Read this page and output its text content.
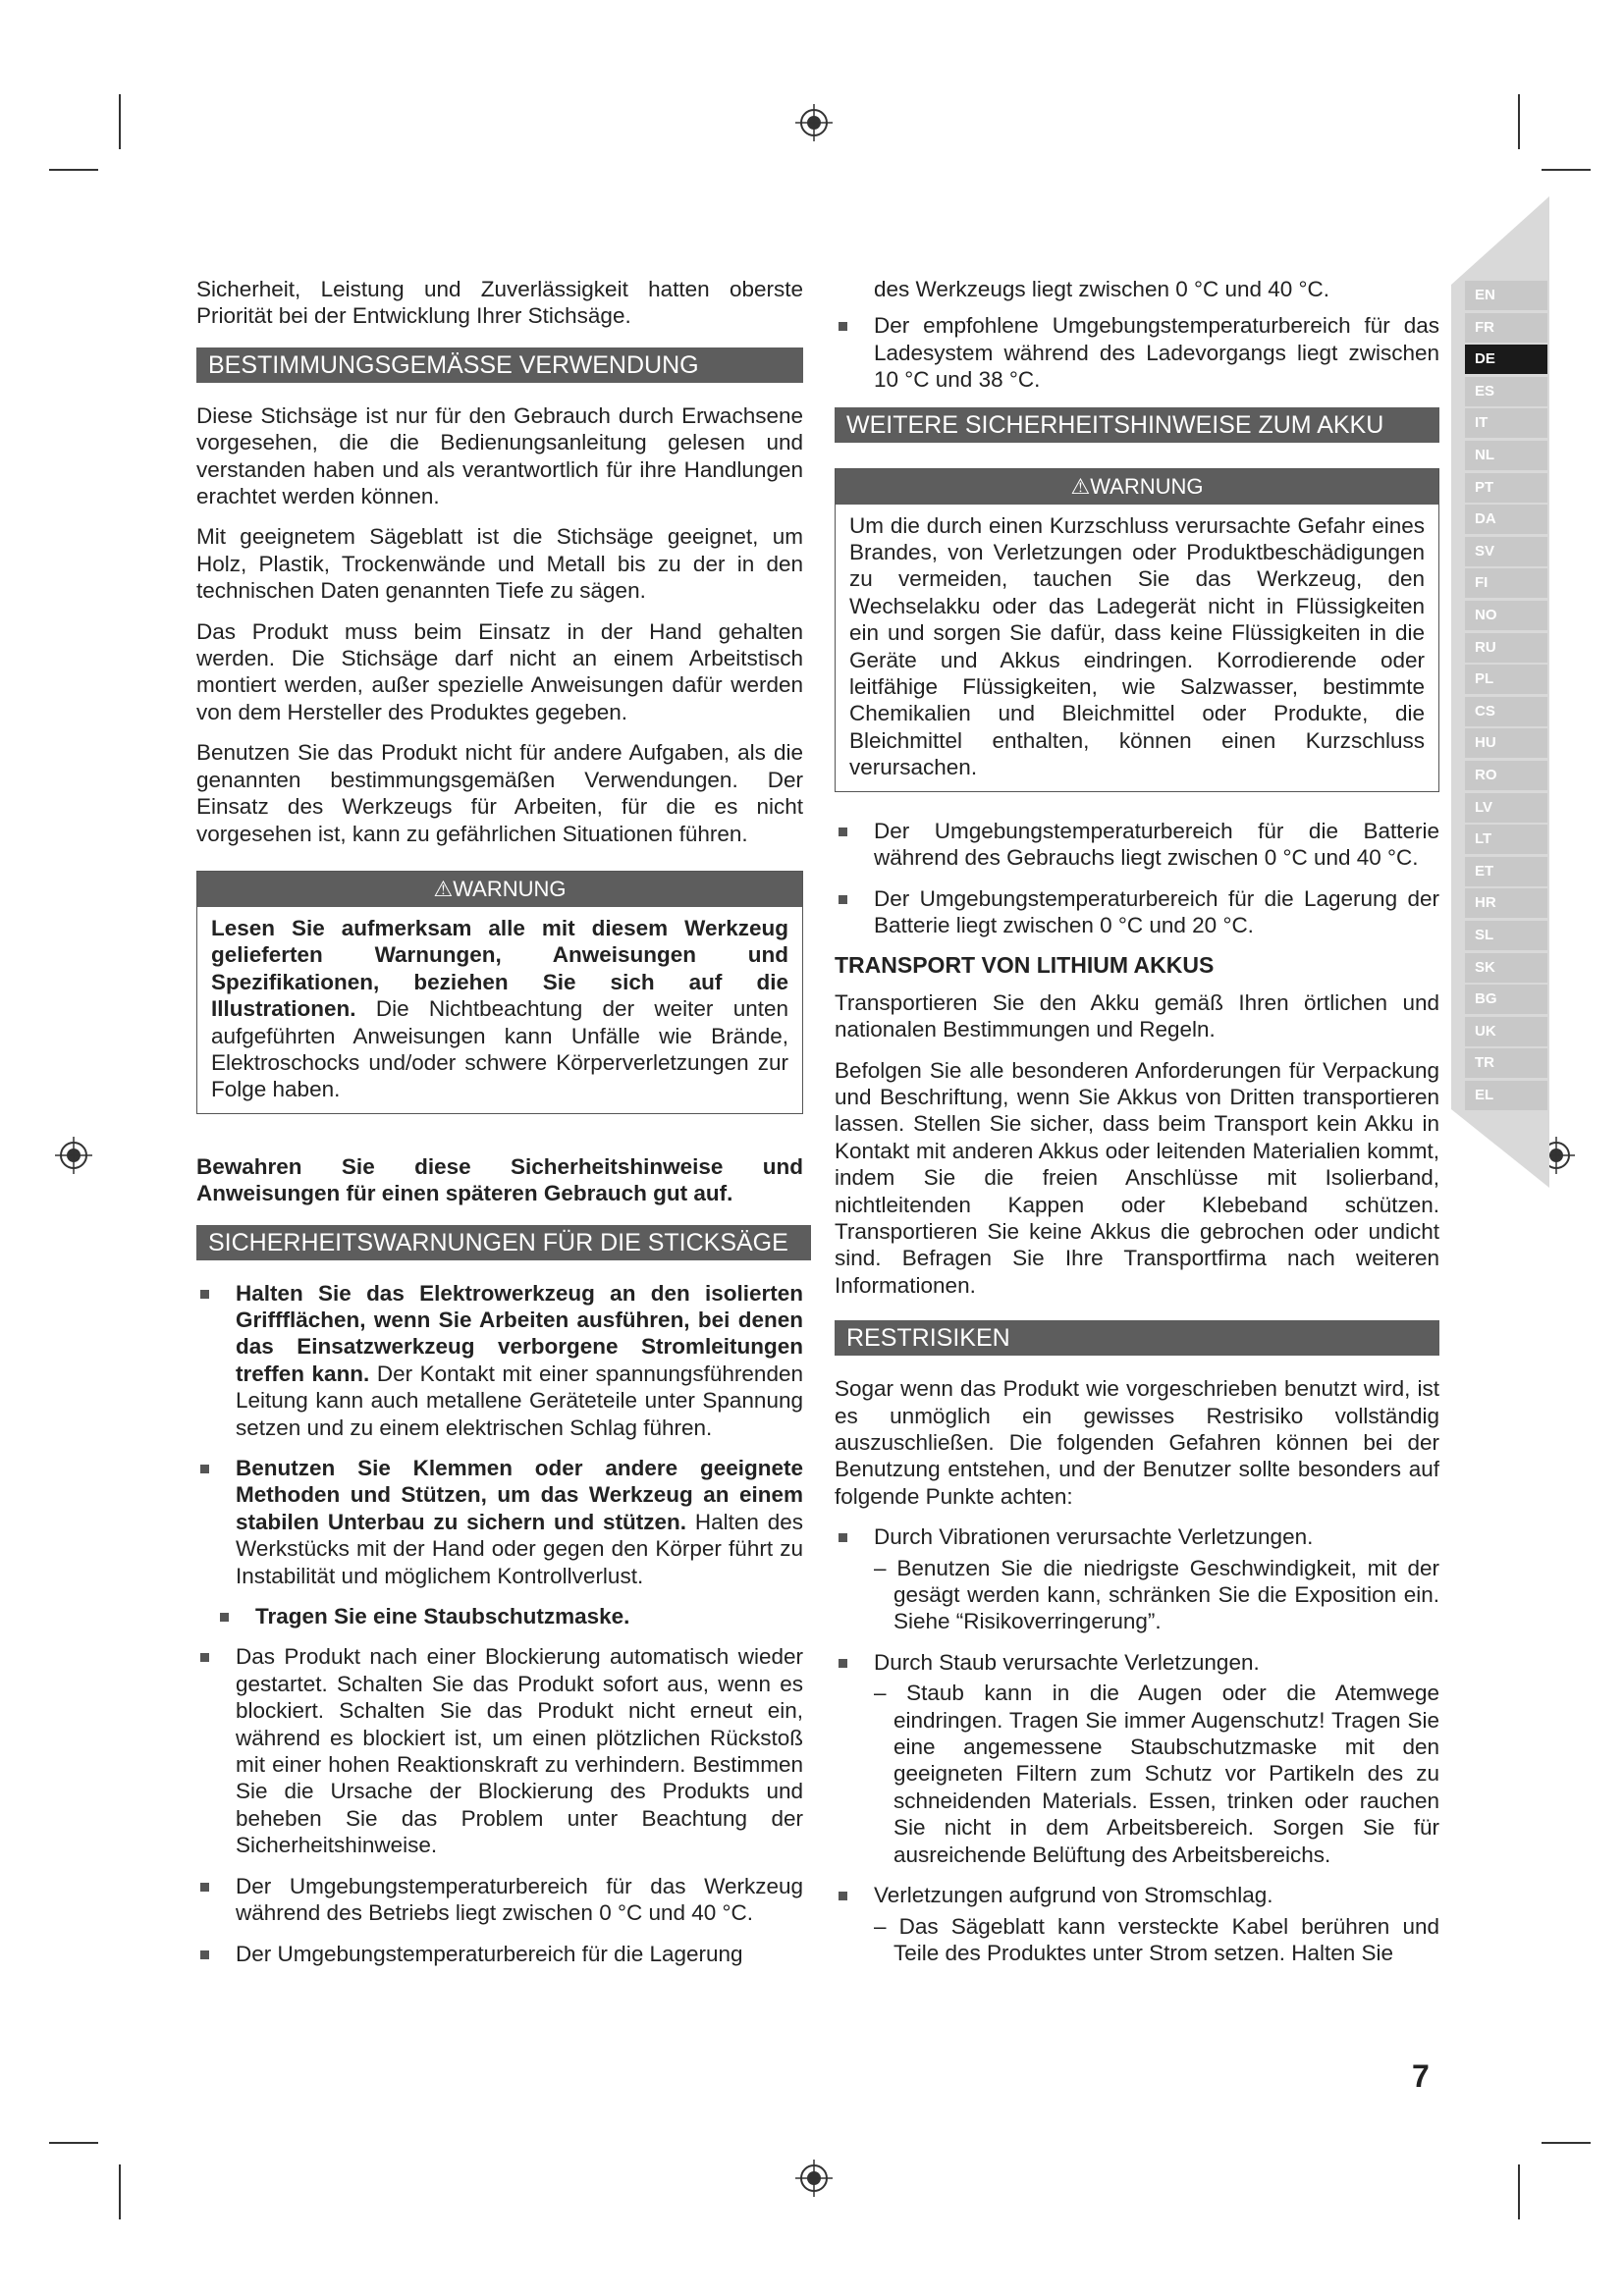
EN
FR
DE
ES
IT
NL
PT
DA
SV
FI
NO
RU
PL
CS
HU
RO
LV
LT
ET
HR
SL
SK
BG
UK
TR
EL

Sicherheit, Leistung und Zuverlässigkeit hatten oberste Priorität bei der Entwicklung Ihrer Stichsäge.

BESTIMMUNGSGEMÄSSE VERWENDUNG

Diese Stichsäge ist nur für den Gebrauch durch Erwachsene vorgesehen, die die Bedienungsanleitung gelesen und verstanden haben und als verantwortlich für ihre Handlungen erachtet werden können.

Mit geeignetem Sägeblatt ist die Stichsäge geeignet, um Holz, Plastik, Trockenwände und Metall bis zu der in den technischen Daten genannten Tiefe zu sägen.

Das Produkt muss beim Einsatz in der Hand gehalten werden. Die Stichsäge darf nicht an einem Arbeitstisch montiert werden, außer spezielle Anweisungen dafür werden von dem Hersteller des Produktes gegeben.

Benutzen Sie das Produkt nicht für andere Aufgaben, als die genannten bestimmungsgemäßen Verwendungen. Der Einsatz des Werkzeugs für Arbeiten, für die es nicht vorgesehen ist, kann zu gefährlichen Situationen führen.

⚠WARNUNG
Lesen Sie aufmerksam alle mit diesem Werkzeug gelieferten Warnungen, Anweisungen und Spezifikationen, beziehen Sie sich auf die Illustrationen. Die Nichtbeachtung der weiter unten aufgeführten Anweisungen kann Unfälle wie Brände, Elektroschocks und/oder schwere Körperverletzungen zur Folge haben.

Bewahren Sie diese Sicherheitshinweise und Anweisungen für einen späteren Gebrauch gut auf.

SICHERHEITSWARNUNGEN FÜR DIE STICKSÄGE
Halten Sie das Elektrowerkzeug an den isolierten Griffflächen, wenn Sie Arbeiten ausführen, bei denen das Einsatzwerkzeug verborgene Stromleitungen treffen kann. Der Kontakt mit einer spannungsführenden Leitung kann auch metallene Geräteteile unter Spannung setzen und zu einem elektrischen Schlag führen.
Benutzen Sie Klemmen oder andere geeignete Methoden und Stützen, um das Werkzeug an einem stabilen Unterbau zu sichern und stützen. Halten des Werkstücks mit der Hand oder gegen den Körper führt zu Instabilität und möglichem Kontrollverlust.
Tragen Sie eine Staubschutzmaske.
Das Produkt nach einer Blockierung automatisch wieder gestartet. Schalten Sie das Produkt sofort aus, wenn es blockiert. Schalten Sie das Produkt nicht erneut ein, während es blockiert ist, um einen plötzlichen Rückstoß mit einer hohen Reaktionskraft zu verhindern. Bestimmen Sie die Ursache der Blockierung des Produkts und beheben Sie das Problem unter Beachtung der Sicherheitshinweise.
Der Umgebungstemperaturbereich für das Werkzeug während des Betriebs liegt zwischen 0 °C und 40 °C.
Der Umgebungstemperaturbereich für die Lagerung

des Werkzeugs liegt zwischen 0 °C und 40 °C.

Der empfohlene Umgebungstemperaturbereich für das Ladesystem während des Ladevorgangs liegt zwischen 10 °C und 38 °C.
WEITERE SICHERHEITSHINWEISE ZUM AKKU
⚠WARNUNG
Um die durch einen Kurzschluss verursachte Gefahr eines Brandes, von Verletzungen oder Produktbeschädigungen zu vermeiden, tauchen Sie das Werkzeug, den Wechselakku oder das Ladegerät nicht in Flüssigkeiten ein und sorgen Sie dafür, dass keine Flüssigkeiten in die Geräte und Akkus eindringen. Korrodierende oder leitfähige Flüssigkeiten, wie Salzwasser, bestimmte Chemikalien und Bleichmittel oder Produkte, die Bleichmittel enthalten, können einen Kurzschluss verursachen.
Der Umgebungstemperaturbereich für die Batterie während des Gebrauchs liegt zwischen 0 °C und 40 °C.
Der Umgebungstemperaturbereich für die Lagerung der Batterie liegt zwischen 0 °C und 20 °C.
TRANSPORT VON LITHIUM AKKUS

Transportieren Sie den Akku gemäß Ihren örtlichen und nationalen Bestimmungen und Regeln.

Befolgen Sie alle besonderen Anforderungen für Verpackung und Beschriftung, wenn Sie Akkus von Dritten transportieren lassen. Stellen Sie sicher, dass beim Transport kein Akku in Kontakt mit anderen Akkus oder leitenden Materialien kommt, indem Sie die freien Anschlüsse mit Isolierband, nichtleitenden Kappen oder Klebeband schützen. Transportieren Sie keine Akkus die gebrochen oder undicht sind. Befragen Sie Ihre Transportfirma nach weiteren Informationen.

RESTRISIKEN

Sogar wenn das Produkt wie vorgeschrieben benutzt wird, ist es unmöglich ein gewisses Restrisiko vollständig auszuschließen. Die folgenden Gefahren können bei der Benutzung entstehen, und der Benutzer sollte besonders auf folgende Punkte achten:

Durch Vibrationen verursachte Verletzungen.
– Benutzen Sie die niedrigste Geschwindigkeit, mit der gesägt werden kann, schränken Sie die Exposition ein. Siehe “Risikoverringerung”.
Durch Staub verursachte Verletzungen.
– Staub kann in die Augen oder die Atemwege eindringen. Tragen Sie immer Augenschutz! Tragen Sie eine angemessene Staubschutzmaske mit den geeigneten Filtern zum Schutz vor Partikeln des zu schneidenden Materials. Essen, trinken oder rauchen Sie nicht in dem Arbeitsbereich. Sorgen Sie für ausreichende Belüftung des Arbeitsbereichs.
Verletzungen aufgrund von Stromschlag.
– Das Sägeblatt kann versteckte Kabel berühren und Teile des Produktes unter Strom setzen. Halten Sie
7
